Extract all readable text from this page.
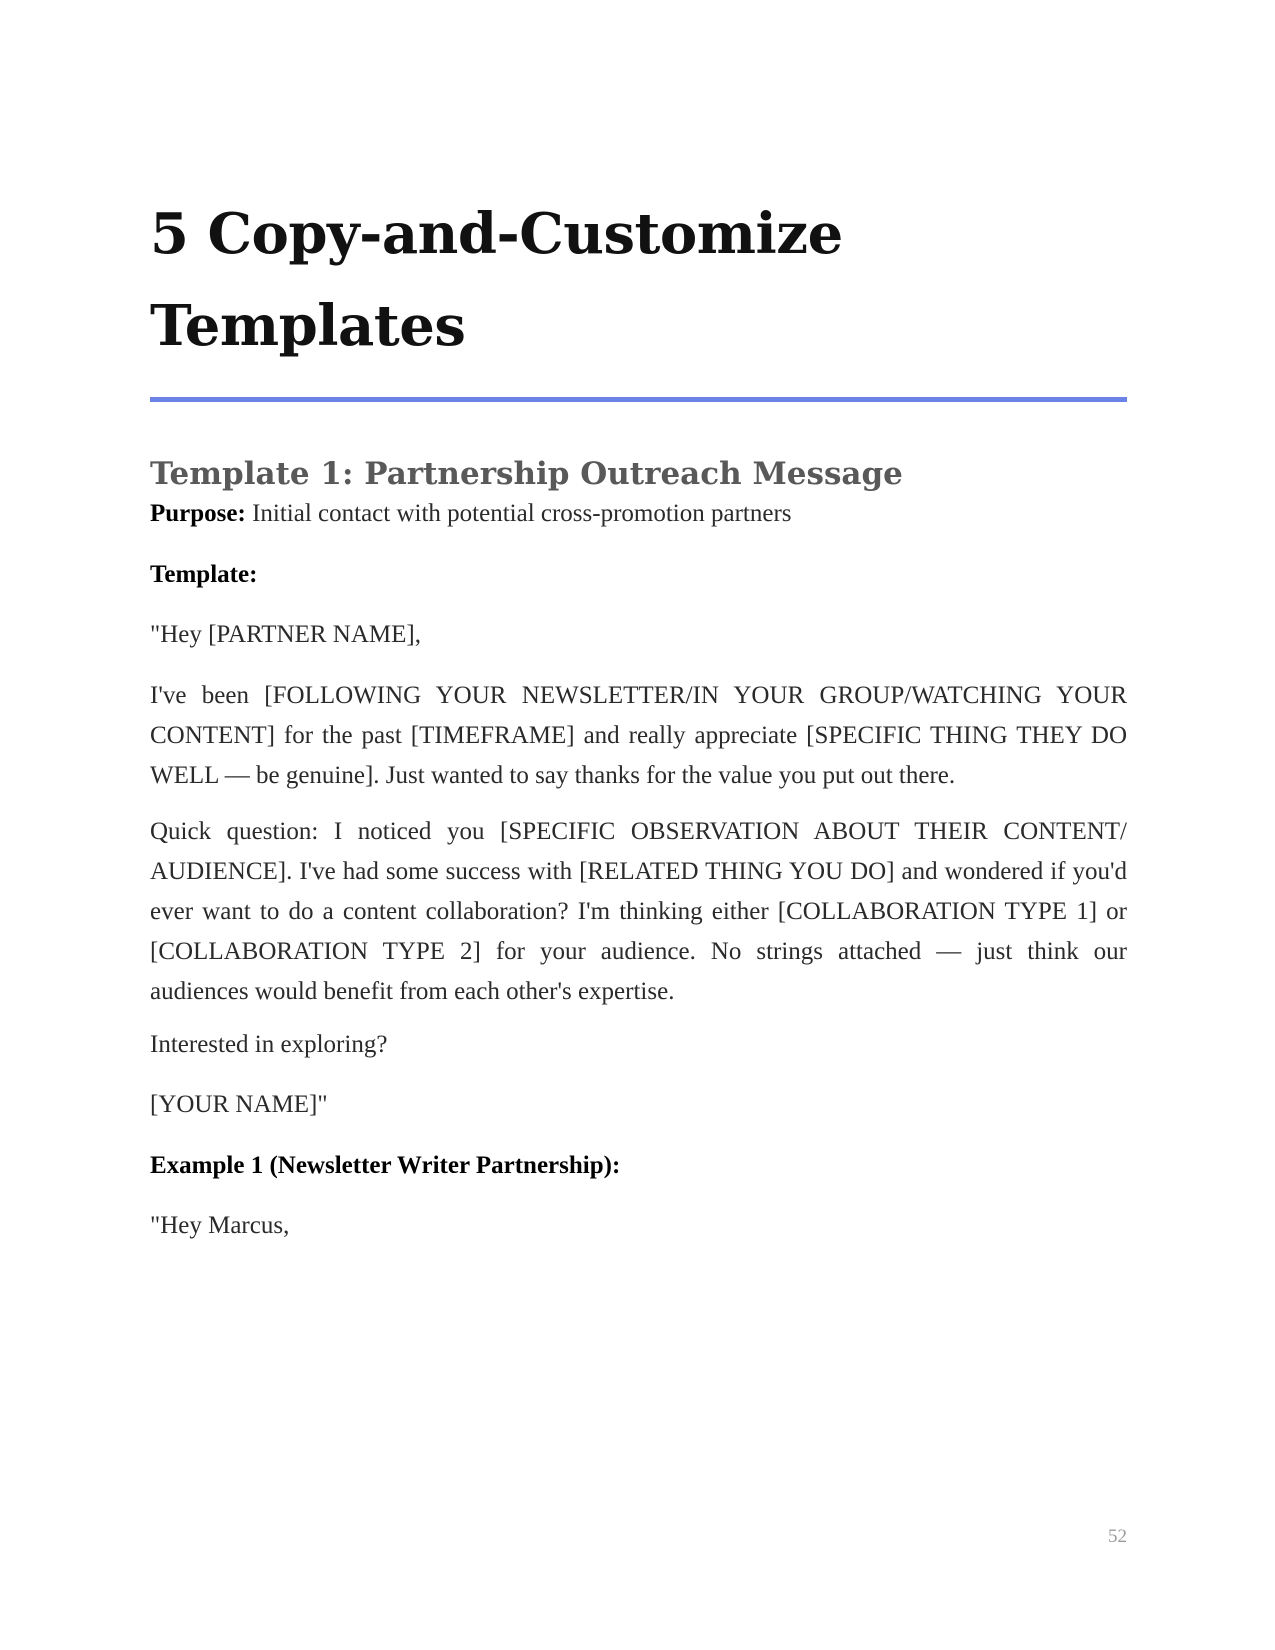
5 Copy-and-Customize
Templates
Template 1: Partnership Outreach Message

Purpose: Initial contact with potential cross-promotion partners

Template:

"Hey [PARTNER NAME],

I've been [FOLLOWING YOUR NEWSLETTER/IN YOUR GROUP/WATCHING YOUR CONTENT] for the past [TIMEFRAME] and really appreciate [SPECIFIC THING THEY DO WELL — be genuine]. Just wanted to say thanks for the value you put out there.

Quick question: I noticed you [SPECIFIC OBSERVATION ABOUT THEIR CONTENT/ AUDIENCE]. I've had some success with [RELATED THING YOU DO] and wondered if you'd ever want to do a content collaboration? I'm thinking either [COLLABORATION TYPE 1] or [COLLABORATION TYPE 2] for your audience. No strings attached — just think our audiences would benefit from each other's expertise.

Interested in exploring?

[YOUR NAME]"

Example 1 (Newsletter Writer Partnership):

"Hey Marcus,

52
